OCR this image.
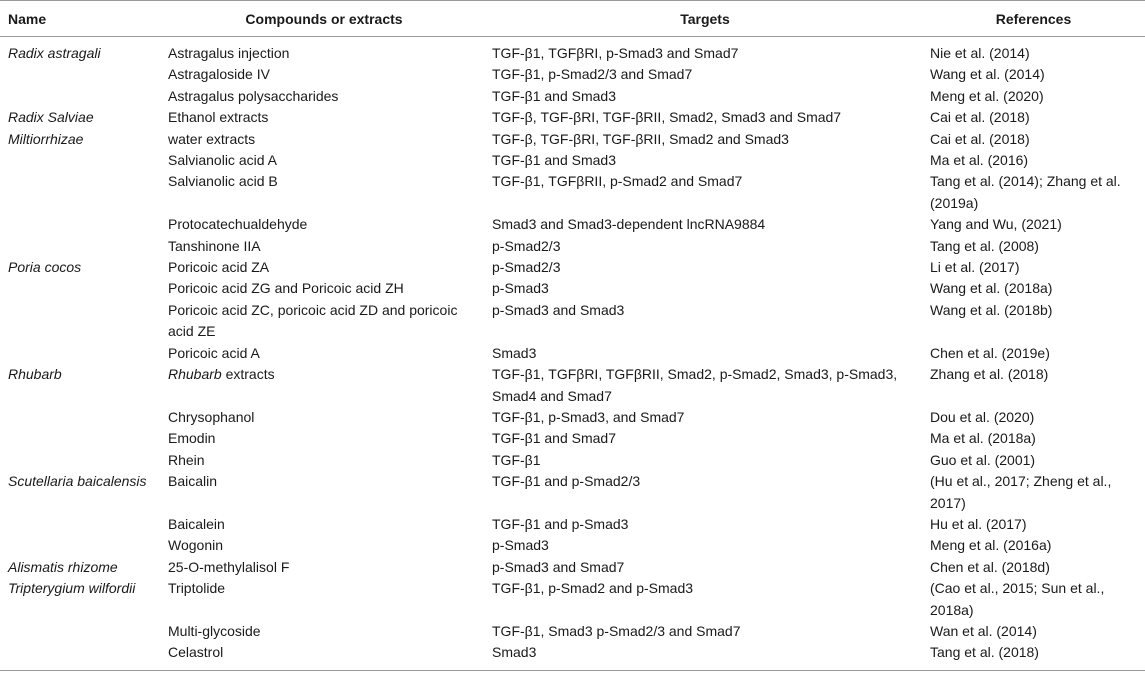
Name	Compounds or extracts	Targets	References
Radix astragali	Astragalus injection	TGF-β1, TGFβRI, p-Smad3 and Smad7	Nie et al. (2014)
	Astragaloside IV	TGF-β1, p-Smad2/3 and Smad7	Wang et al. (2014)
	Astragalus polysaccharides	TGF-β1 and Smad3	Meng et al. (2020)
Radix Salviae	Ethanol extracts	TGF-β, TGF-βRI, TGF-βRII, Smad2, Smad3 and Smad7	Cai et al. (2018)
Miltiorrhizae	water extracts	TGF-β, TGF-βRI, TGF-βRII, Smad2 and Smad3	Cai et al. (2018)
	Salvianolic acid A	TGF-β1 and Smad3	Ma et al. (2016)
	Salvianolic acid B	TGF-β1, TGFβRII, p-Smad2 and Smad7	Tang et al. (2014); Zhang et al. (2019a)
	Protocatechualdehyde	Smad3 and Smad3-dependent lncRNA9884	Yang and Wu, (2021)
	Tanshinone IIA	p-Smad2/3	Tang et al. (2008)
Poria cocos	Poricoic acid ZA	p-Smad2/3	Li et al. (2017)
	Poricoic acid ZG and Poricoic acid ZH	p-Smad3	Wang et al. (2018a)
	Poricoic acid ZC, poricoic acid ZD and poricoic acid ZE	p-Smad3 and Smad3	Wang et al. (2018b)
	Poricoic acid A	Smad3	Chen et al. (2019e)
Rhubarb	Rhubarb extracts	TGF-β1, TGFβRI, TGFβRII, Smad2, p-Smad2, Smad3, p-Smad3, Smad4 and Smad7	Zhang et al. (2018)
	Chrysophanol	TGF-β1, p-Smad3, and Smad7	Dou et al. (2020)
	Emodin	TGF-β1 and Smad7	Ma et al. (2018a)
	Rhein	TGF-β1	Guo et al. (2001)
Scutellaria baicalensis	Baicalin	TGF-β1 and p-Smad2/3	(Hu et al., 2017; Zheng et al., 2017)
	Baicalein	TGF-β1 and p-Smad3	Hu et al. (2017)
	Wogonin	p-Smad3	Meng et al. (2016a)
Alismatis rhizome	25-O-methylalisol F	p-Smad3 and Smad7	Chen et al. (2018d)
Tripterygium wilfordii	Triptolide	TGF-β1, p-Smad2 and p-Smad3	(Cao et al., 2015; Sun et al., 2018a)
	Multi-glycoside	TGF-β1, Smad3 p-Smad2/3 and Smad7	Wan et al. (2014)
	Celastrol	Smad3	Tang et al. (2018)
